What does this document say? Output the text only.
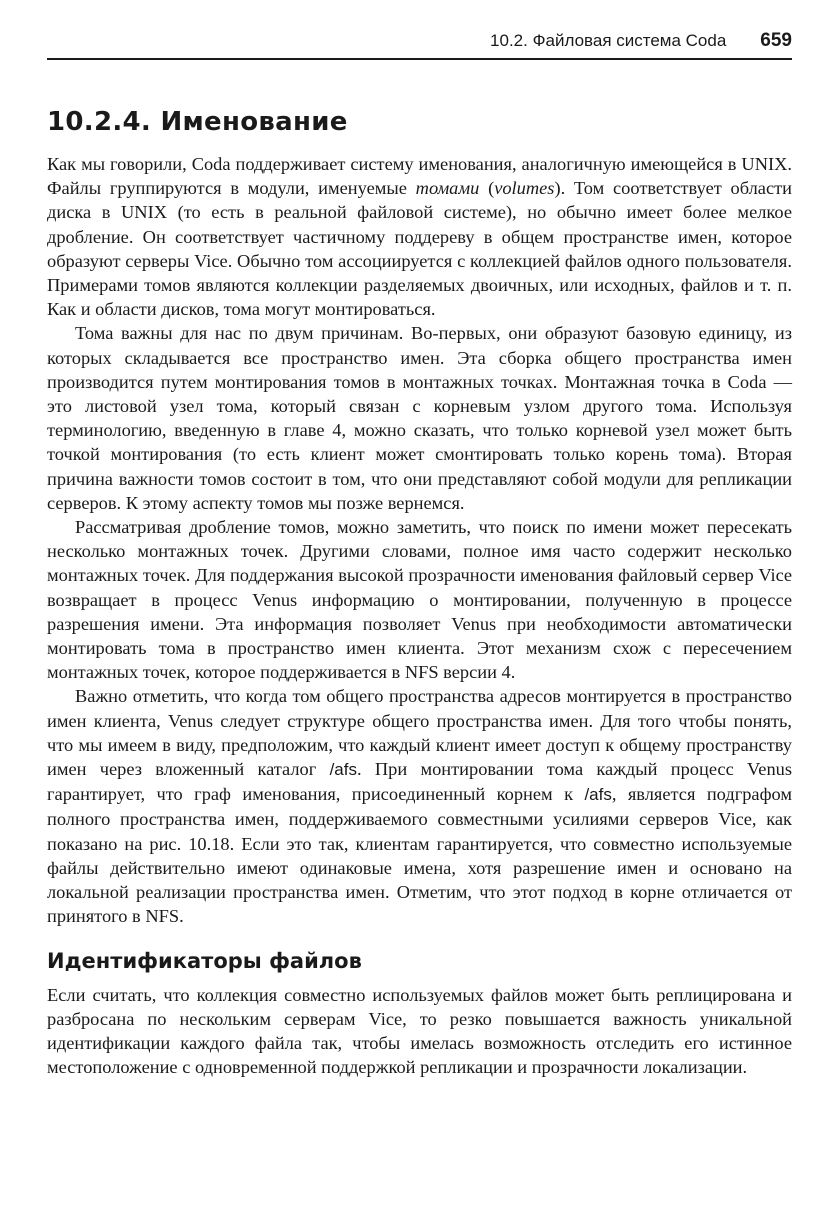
10.2. Файловая система Coda 659
10.2.4. Именование

Как мы говорили, Coda поддерживает систему именования, аналогичную имеющейся в UNIX. Файлы группируются в модули, именуемые томами (volumes). Том соответствует области диска в UNIX (то есть в реальной файловой системе), но обычно имеет более мелкое дробление. Он соответствует частичному поддереву в общем пространстве имен, которое образуют серверы Vice. Обычно том ассоциируется с коллекцией файлов одного пользователя. Примерами томов являются коллекции разделяемых двоичных, или исходных, файлов и т. п. Как и области дисков, тома могут монтироваться.

Тома важны для нас по двум причинам. Во-первых, они образуют базовую единицу, из которых складывается все пространство имен. Эта сборка общего пространства имен производится путем монтирования томов в монтажных точках. Монтажная точка в Coda — это листовой узел тома, который связан с корневым узлом другого тома. Используя терминологию, введенную в главе 4, можно сказать, что только корневой узел может быть точкой монтирования (то есть клиент может смонтировать только корень тома). Вторая причина важности томов состоит в том, что они представляют собой модули для репликации серверов. К этому аспекту томов мы позже вернемся.

Рассматривая дробление томов, можно заметить, что поиск по имени может пересекать несколько монтажных точек. Другими словами, полное имя часто содержит несколько монтажных точек. Для поддержания высокой прозрачности именования файловый сервер Vice возвращает в процесс Venus информацию о монтировании, полученную в процессе разрешения имени. Эта информация позволяет Venus при необходимости автоматически монтировать тома в пространство имен клиента. Этот механизм схож с пересечением монтажных точек, которое поддерживается в NFS версии 4.

Важно отметить, что когда том общего пространства адресов монтируется в пространство имен клиента, Venus следует структуре общего пространства имен. Для того чтобы понять, что мы имеем в виду, предположим, что каждый клиент имеет доступ к общему пространству имен через вложенный каталог /afs. При монтировании тома каждый процесс Venus гарантирует, что граф именования, присоединенный корнем к /afs, является подграфом полного пространства имен, поддерживаемого совместными усилиями серверов Vice, как показано на рис. 10.18. Если это так, клиентам гарантируется, что совместно используемые файлы действительно имеют одинаковые имена, хотя разрешение имен и основано на локальной реализации пространства имен. Отметим, что этот подход в корне отличается от принятого в NFS.

Идентификаторы файлов

Если считать, что коллекция совместно используемых файлов может быть реплицирована и разбросана по нескольким серверам Vice, то резко повышается важность уникальной идентификации каждого файла так, чтобы имелась возможность отследить его истинное местоположение с одновременной поддержкой репликации и прозрачности локализации.
